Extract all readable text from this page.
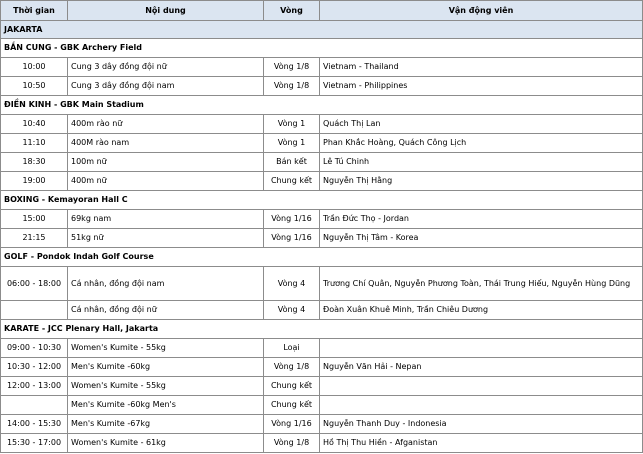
Thời gian	Nội dung	Vòng	Vận động viên
JAKARTA			
BẮN CUNG - GBK Archery Field			
10:00	Cung 3 dây đồng đội nữ	Vòng 1/8	Vietnam - Thailand
10:50	Cung 3 dây đồng đội nam	Vòng 1/8	Vietnam - Philippines
ĐIỀN KINH - GBK Main Stadium			
10:40	400m rào nữ	Vòng 1	Quách Thị Lan
11:10	400M rào nam	Vòng 1	Phan Khắc Hoàng, Quách Công Lịch
18:30	100m nữ	Bán kết	Lê Tú Chinh
19:00	400m nữ	Chung kết	Nguyễn Thị Hằng
BOXING - Kemayoran Hall C			
15:00	69kg nam	Vòng 1/16	Trần Đức Thọ - Jordan
21:15	51kg nữ	Vòng 1/16	Nguyễn Thị Tâm - Korea
GOLF - Pondok Indah Golf Course			
06:00 - 18:00	Cá nhân, đồng đội nam	Vòng 4	Trương Chí Quân, Nguyễn Phương Toàn, Thái Trung Hiếu, Nguyễn Hùng Dũng
	Cá nhân, đồng đội nữ	Vòng 4	Đoàn Xuân Khuê Minh, Trần Chiêu Dương
KARATE - JCC Plenary Hall, Jakarta			
09:00 - 10:30	Women's Kumite - 55kg	Loại	
10:30 - 12:00	Men's Kumite -60kg	Vòng 1/8	Nguyễn Văn Hải - Nepan
12:00 - 13:00	Women's Kumite - 55kg	Chung kết	
	Men's Kumite -60kg Men's	Chung kết	
14:00 - 15:30	Men's Kumite -67kg	Vòng 1/16	Nguyễn Thanh Duy - Indonesia
15:30 - 17:00	Women's Kumite - 61kg	Vòng 1/8	Hồ Thị Thu Hiền - Afganistan
